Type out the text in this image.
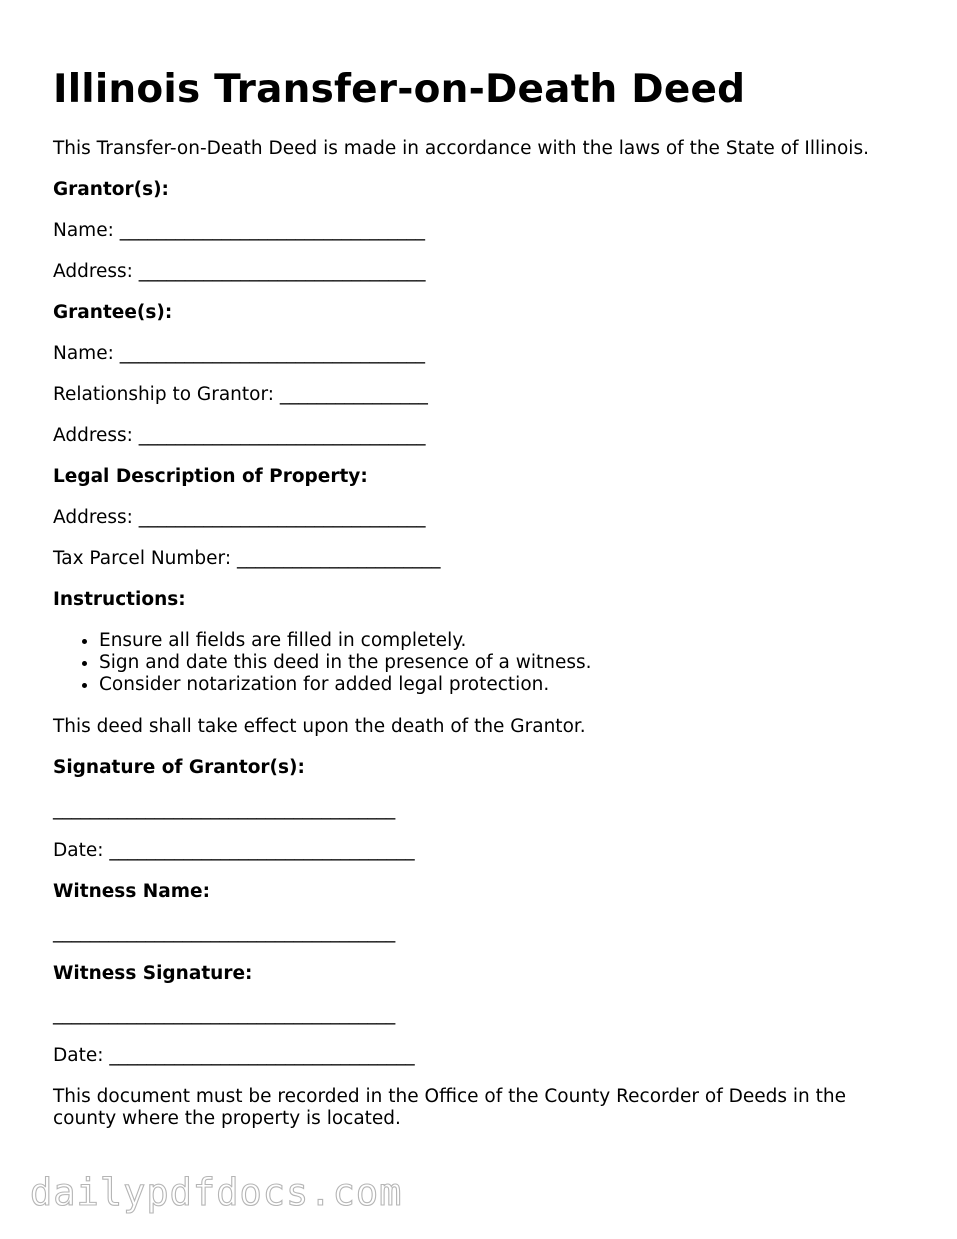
Illinois Transfer-on-Death Deed

This Transfer-on-Death Deed is made in accordance with the laws of the State of Illinois.

Grantor(s):

Name: _________________________________

Address: _______________________________

Grantee(s):

Name: _________________________________

Relationship to Grantor: ________________

Address: _______________________________

Legal Description of Property:

Address: _______________________________

Tax Parcel Number: ______________________

Instructions:

• Ensure all fields are filled in completely.
• Sign and date this deed in the presence of a witness.
• Consider notarization for added legal protection.

This deed shall take effect upon the death of the Grantor.

Signature of Grantor(s):

_____________________________________

Date: _________________________________

Witness Name:

_____________________________________

Witness Signature:

_____________________________________

Date: _________________________________

This document must be recorded in the Office of the County Recorder of Deeds in the county where the property is located.

dailypdfdocs.com
